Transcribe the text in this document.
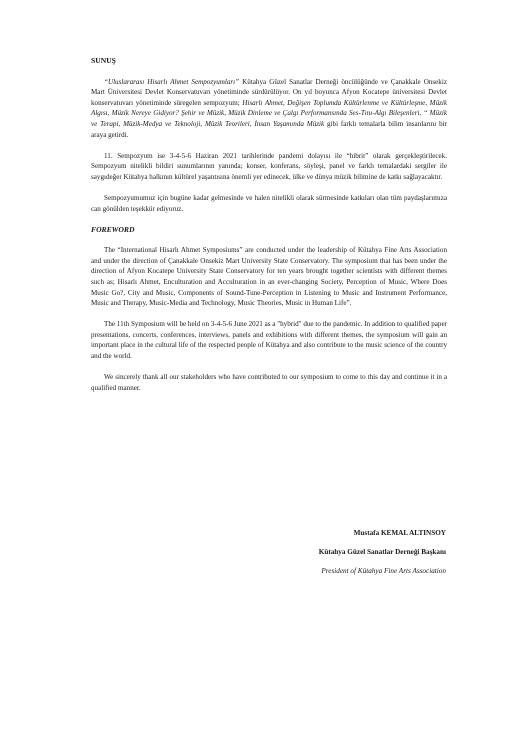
SUNUŞ

“Uluslararası Hisarlı Ahmet Sempozyumları” Kütahya Güzel Sanatlar Derneği öncülüğünde ve Çanakkale Onsekiz Mart Üniversitesi Devlet Konservatuvarı yönetiminde sürdürülüyor. On yıl boyunca Afyon Kocatepe üniversitesi Devlet konservatuvarı yönetiminde süregelen sempozyum; Hisarlı Ahmet, Değişen Toplumda Kültürlenme ve Kültürleşme, Müzik Algısı, Müzik Nereye Gidiyor? Şehir ve Müzik, Müzik Dinleme ve Çalgı Performansında Ses-Tını-Algı Bileşenleri, “ Müzik ve Terapi, Müzik-Medya ve Teknoloji, Müzik Teorileri, İnsan Yaşamında Müzik gibi farklı temalarla bilim insanlarını bir araya getirdi.

11. Sempozyum ise 3-4-5-6 Haziran 2021 tarihlerinde pandemi dolayısı ile “hibrit” olarak gerçekleştirilecek. Sempozyum nitelikli bildiri sunumlarının yanında; konser, konferans, söyleşi, panel ve farklı temalardaki sergiler ile saygıdeğer Kütahya halkının kültürel yaşantısına önemli yer edinecek, ülke ve dünya müzik bilimine de katkı sağlayacaktır.

Sempozyumumuz için bugüne kadar gelmesinde ve halen nitelikli olarak sürmesinde katkıları olan tüm paydaşlarımıza can gönülden teşekkür ediyoruz.

FOREWORD

The “International Hisarlı Ahmet Symposiums” are conducted under the leadership of Kütahya Fine Arts Association and under the direction of Çanakkale Onsekiz Mart University State Conservatory. The symposium that has been under the direction of Afyon Kocatepe University State Conservatory for ten years brought together scientists with different themes such as; Hisarlı Ahmet, Enculturation and Acculturation in an ever-changing Society, Perception of Music, Where Does Music Go?, City and Music, Components of Sound-Tune-Perception in Listening to Music and Instrument Performance, Music and Therapy, Music-Media and Technology, Music Theories, Music in Human Life”.

The 11th Symposium will be held on 3-4-5-6 June 2021 as a "hybrid" due to the pandemic. In addition to qualified paper presentations, concerts, conferences, interviews, panels and exhibitions with different themes, the symposium will gain an important place in the cultural life of the respected people of Kütahya and also contribute to the music science of the country and the world.

We sincerely thank all our stakeholders who have contributed to our symposium to come to this day and continue it in a qualified manner.

Mustafa KEMAL ALTINSOY
Kütahya Güzel Sanatlar Derneği Başkanı
President of Kütahya Fine Arts Association
